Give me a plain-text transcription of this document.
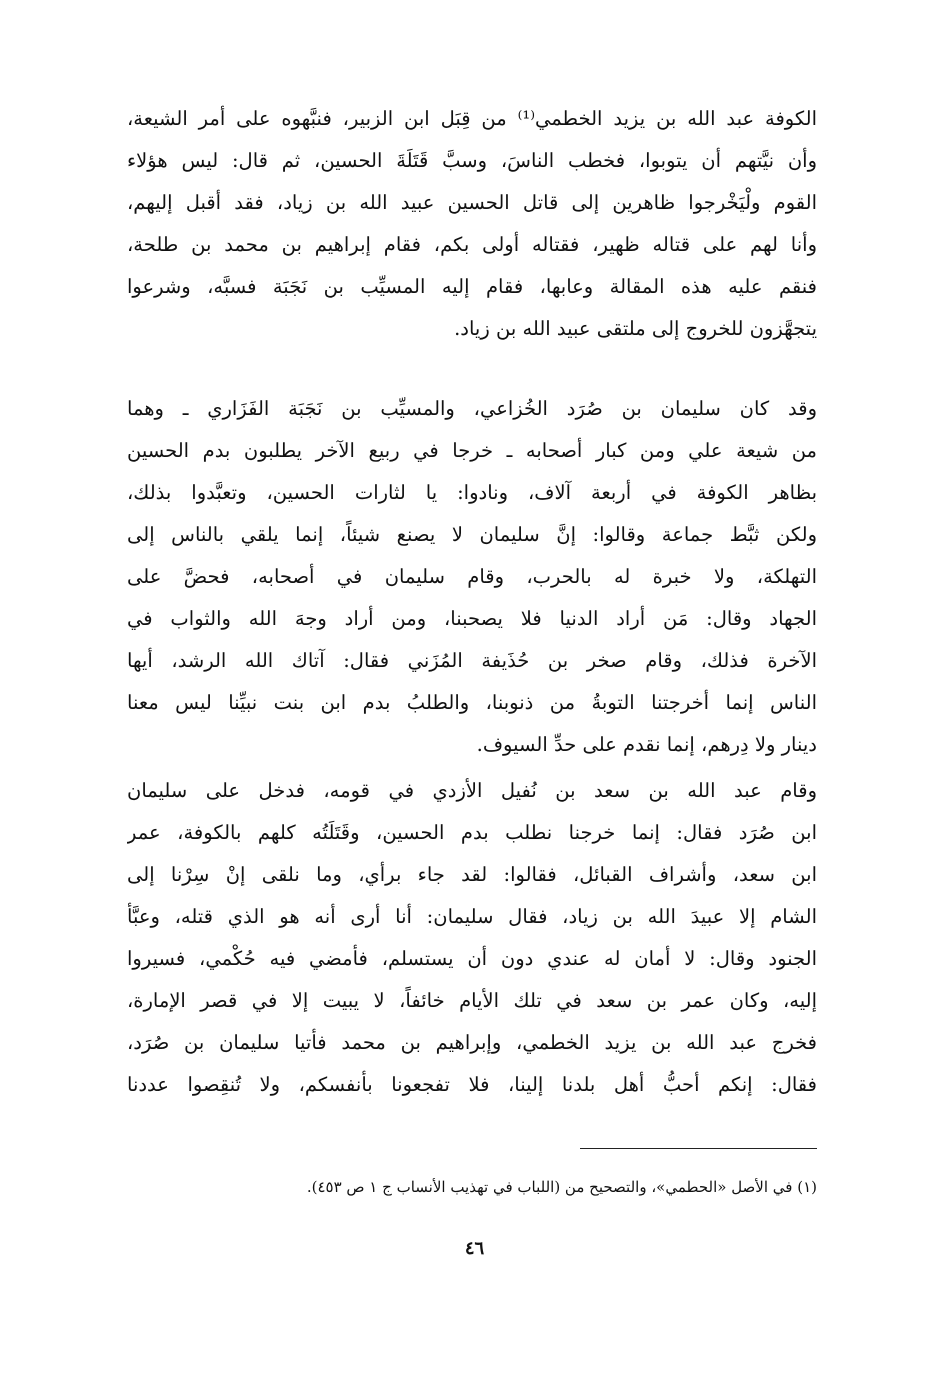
الكوفة عبد الله بن يزيد الخطمي⁽¹⁾ من قِبَل ابن الزبير، فنبَّهوه على أمر الشيعة،
وأن نيَّتهم أن يتوبوا، فخطب الناسَ، وسبَّ قَتَلَةَ الحسين، ثم قال: ليس هؤلاء
القوم ولْيَخْرجوا ظاهرين إلى قاتل الحسين عبيد الله بن زياد، فقد أقبل إليهم،
وأنا لهم على قتاله ظهير، فقتاله أولى بكم، فقام إبراهيم بن محمد بن طلحة،
فنقم عليه هذه المقالة وعابها، فقام إليه المسيِّب بن نَجَبَة فسبَّه، وشرعوا
يتجهَّزون للخروج إلى ملتقى عبيد الله بن زياد.
وقد كان سليمان بن صُرَد الخُزاعي، والمسيِّب بن نَجَبَة الفَزَاري ـ وهما
من شيعة علي ومن كبار أصحابه ـ خرجا في ربيع الآخر يطلبون بدم الحسين
بظاهر الكوفة في أربعة آلاف، ونادوا: يا لثارات الحسين، وتعبَّدوا بذلك،
ولكن ثبَّط جماعة وقالوا: إنَّ سليمان لا يصنع شيئاً، إنما يلقي بالناس إلى
التهلكة، ولا خبرة له بالحرب، وقام سليمان في أصحابه، فحضَّ على
الجهاد وقال: مَن أراد الدنيا فلا يصحبنا، ومن أراد وجهَ الله والثواب في
الآخرة فذلك، وقام صخر بن حُذَيفة المُزَني فقال: آتاك الله الرشد، أيها
الناس إنما أخرجتنا التوبةُ من ذنوبنا، والطلبُ بدم ابن بنت نبيِّنا ليس معنا
دينار ولا دِرهم، إنما نقدم على حدِّ السيوف.
وقام عبد الله بن سعد بن نُفيل الأزدي في قومه، فدخل على سليمان
ابن صُرَد فقال: إنما خرجنا نطلب بدم الحسين، وقَتَلَتُه كلهم بالكوفة، عمر
ابن سعد، وأشراف القبائل، فقالوا: لقد جاء برأي، وما نلقى إنْ سِرْنا إلى
الشام إلا عبيدَ الله بن زياد، فقال سليمان: أنا أرى أنه هو الذي قتله، وعبَّأ
الجنود وقال: لا أمان له عندي دون أن يستسلم، فأمضي فيه حُكْمي، فسيروا
إليه، وكان عمر بن سعد في تلك الأيام خائفاً، لا يبيت إلا في قصر الإمارة،
فخرج عبد الله بن يزيد الخطمي، وإبراهيم بن محمد فأتيا سليمان بن صُرَد،
فقال: إنكم أحبُّ أهل بلدنا إلينا، فلا تفجعونا بأنفسكم، ولا تُنقِصوا عددنا
(١) في الأصل «الحطمي»، والتصحيح من (اللباب في تهذيب الأنساب ج ١ ص ٤٥٣).
٤٦
